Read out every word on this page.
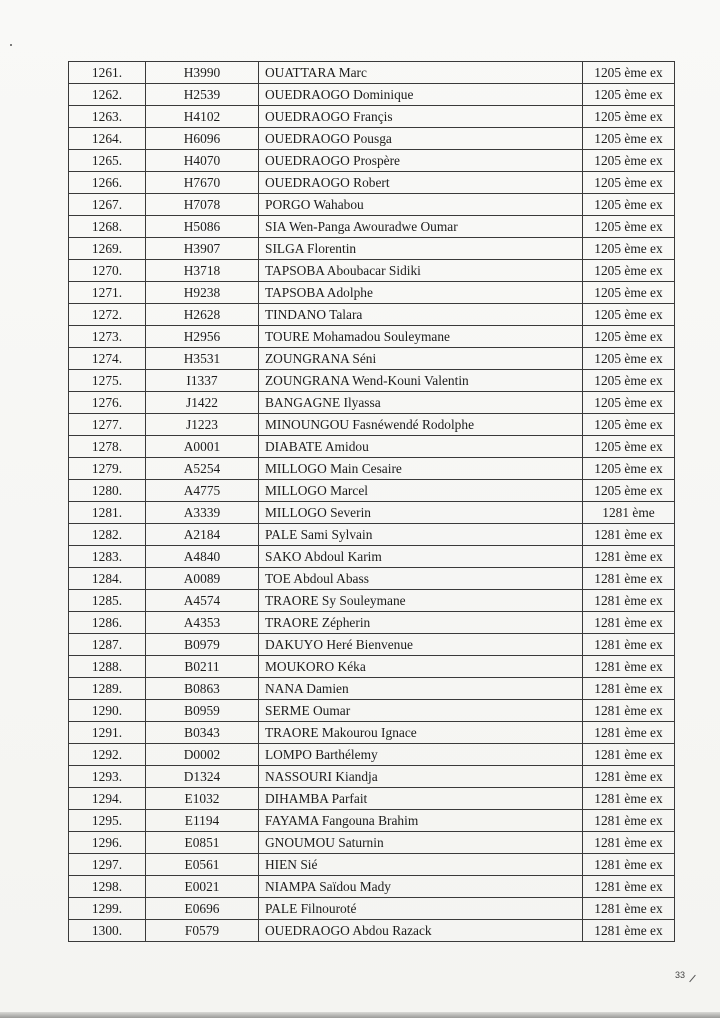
1261.	H3990	OUATTARA Marc	1205 ème ex
1262.	H2539	OUEDRAOGO Dominique	1205 ème ex
1263.	H4102	OUEDRAOGO Françis	1205 ème ex
1264.	H6096	OUEDRAOGO Pousga	1205 ème ex
1265.	H4070	OUEDRAOGO Prospère	1205 ème ex
1266.	H7670	OUEDRAOGO Robert	1205 ème ex
1267.	H7078	PORGO Wahabou	1205 ème ex
1268.	H5086	SIA Wen-Panga Awouradwe Oumar	1205 ème ex
1269.	H3907	SILGA Florentin	1205 ème ex
1270.	H3718	TAPSOBA Aboubacar Sidiki	1205 ème ex
1271.	H9238	TAPSOBA Adolphe	1205 ème ex
1272.	H2628	TINDANO Talara	1205 ème ex
1273.	H2956	TOURE Mohamadou Souleymane	1205 ème ex
1274.	H3531	ZOUNGRANA Séni	1205 ème ex
1275.	I1337	ZOUNGRANA Wend-Kouni Valentin	1205 ème ex
1276.	J1422	BANGAGNE Ilyassa	1205 ème ex
1277.	J1223	MINOUNGOU Fasnéwendé Rodolphe	1205 ème ex
1278.	A0001	DIABATE Amidou	1205 ème ex
1279.	A5254	MILLOGO Main Cesaire	1205 ème ex
1280.	A4775	MILLOGO Marcel	1205 ème ex
1281.	A3339	MILLOGO Severin	1281 ème
1282.	A2184	PALE Sami Sylvain	1281 ème ex
1283.	A4840	SAKO Abdoul Karim	1281 ème ex
1284.	A0089	TOE Abdoul Abass	1281 ème ex
1285.	A4574	TRAORE Sy Souleymane	1281 ème ex
1286.	A4353	TRAORE Zépherin	1281 ème ex
1287.	B0979	DAKUYO Heré Bienvenue	1281 ème ex
1288.	B0211	MOUKORO Kéka	1281 ème ex
1289.	B0863	NANA Damien	1281 ème ex
1290.	B0959	SERME Oumar	1281 ème ex
1291.	B0343	TRAORE Makourou Ignace	1281 ème ex
1292.	D0002	LOMPO Barthélemy	1281 ème ex
1293.	D1324	NASSOURI Kiandja	1281 ème ex
1294.	E1032	DIHAMBA Parfait	1281 ème ex
1295.	E1194	FAYAMA Fangouna Brahim	1281 ème ex
1296.	E0851	GNOUMOU Saturnin	1281 ème ex
1297.	E0561	HIEN Sié	1281 ème ex
1298.	E0021	NIAMPA Saïdou Mady	1281 ème ex
1299.	E0696	PALE Filnouroté	1281 ème ex
1300.	F0579	OUEDRAOGO Abdou Razack	1281 ème ex
33
